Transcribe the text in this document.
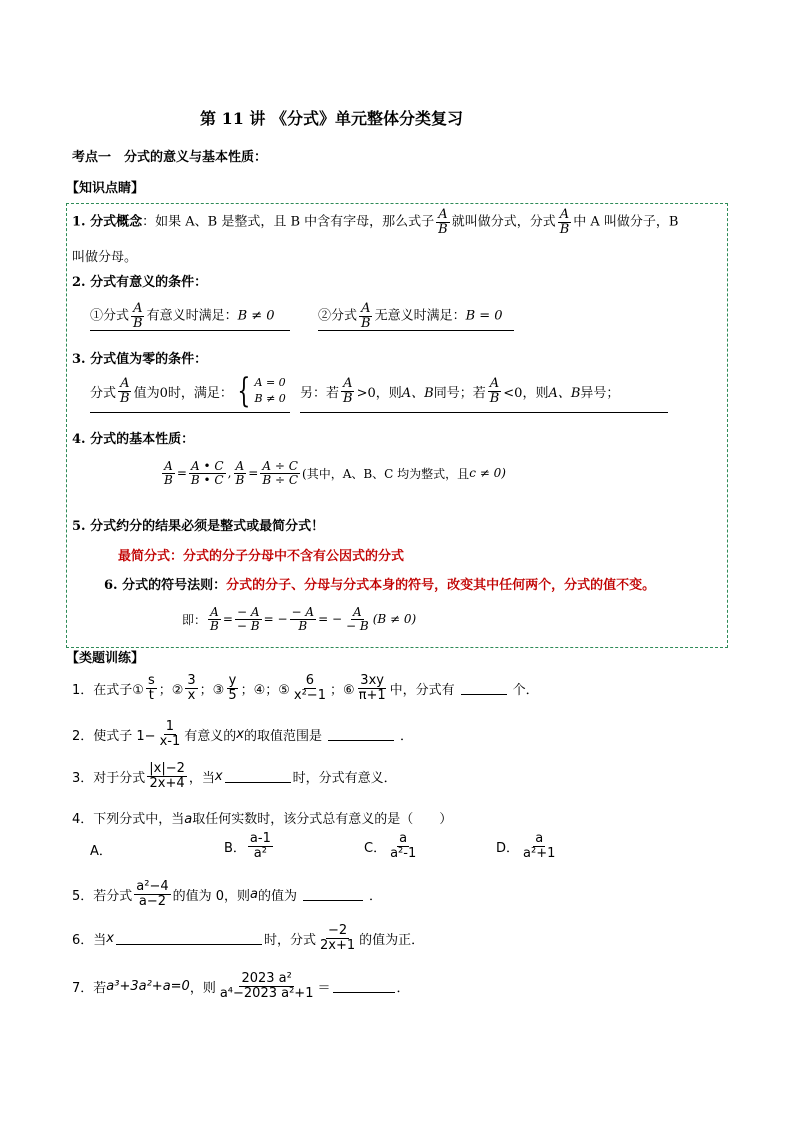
第 11 讲 《分式》单元整体分类复习
考点一　分式的意义与基本性质：
【知识点睛】
1. 分式概念：如果 A、B 是整式，且 B 中含有字母，那么式子 $\frac{A}{B}$ 就叫做分式，分式 $\frac{A}{B}$ 中 A 叫做分子，B
叫做分母。
2. 分式有意义的条件：
①分式 $\frac{A}{B}$ 有意义时满足：B ≠ 0	②分式 $\frac{A}{B}$ 无意义时满足：B = 0
3. 分式值为零的条件：
分式 $\frac{A}{B}$ 值为0时，满足： { A = 0
B ≠ 0 另：若 $\frac{A}{B} >0$，则 A、B 同号；若 $\frac{A}{B} <0$，则 A、B 异号；
4. 分式的基本性质：
$\frac{A}{B} = \frac{A • C}{B • C}$ , $\frac{A}{B} = \frac{A \div C}{B \div C}$ (其中，A、B、C 均为整式，且 c ≠ 0)
5. 分式约分的结果必须是整式或最简分式！
最简分式：分式的分子分母中不含有公因式的分式
6. 分式的符号法则：分式的分子、分母与分式本身的符号，改变其中任何两个，分式的值不变。
即： $\frac{A}{B} = \frac{- A}{- B}$ = − $\frac{- A}{B}$ = − $\frac{A}{- B} (B \ne 0)$
【类题训练】
1．在式子① $\frac{s}{t}$ ；② $\frac{3}{x}$ ；③ $\frac{y}{5}$ ；④；⑤ $\frac{6}{\text{x²−1}}$ ；⑥ $\frac{3xy}{\pi+1}$ 中，分式有	个．
2．使式子 $1- \frac{1}{x-1}$ 有意义的 x 的取值范围是	．
3．对于分式 $\frac{|x|-2}{2x+4}$ ，当 x	时，分式有意义．
4．下列分式中，当a取任何实数时，该分式总有意义的是（　　）
A．	B． $\frac{a-1}{\text{a²}}$	C． $\frac{a}{\text{a²-1}}$	D． $\frac{a}{\text{a²+1}}$
5．若分式 $\frac{\text{a²−4}}{a-2}$ 的值为 0，则 a 的值为	．
6．当 x	时，分式 $\frac{-2}{2x+1}$ 的值为正．
7．若 a³+3a²+a=0 ，则 $\frac{\text{2023 a²}}{\text{a⁴−2023 a²+1}}$ ＝	．
